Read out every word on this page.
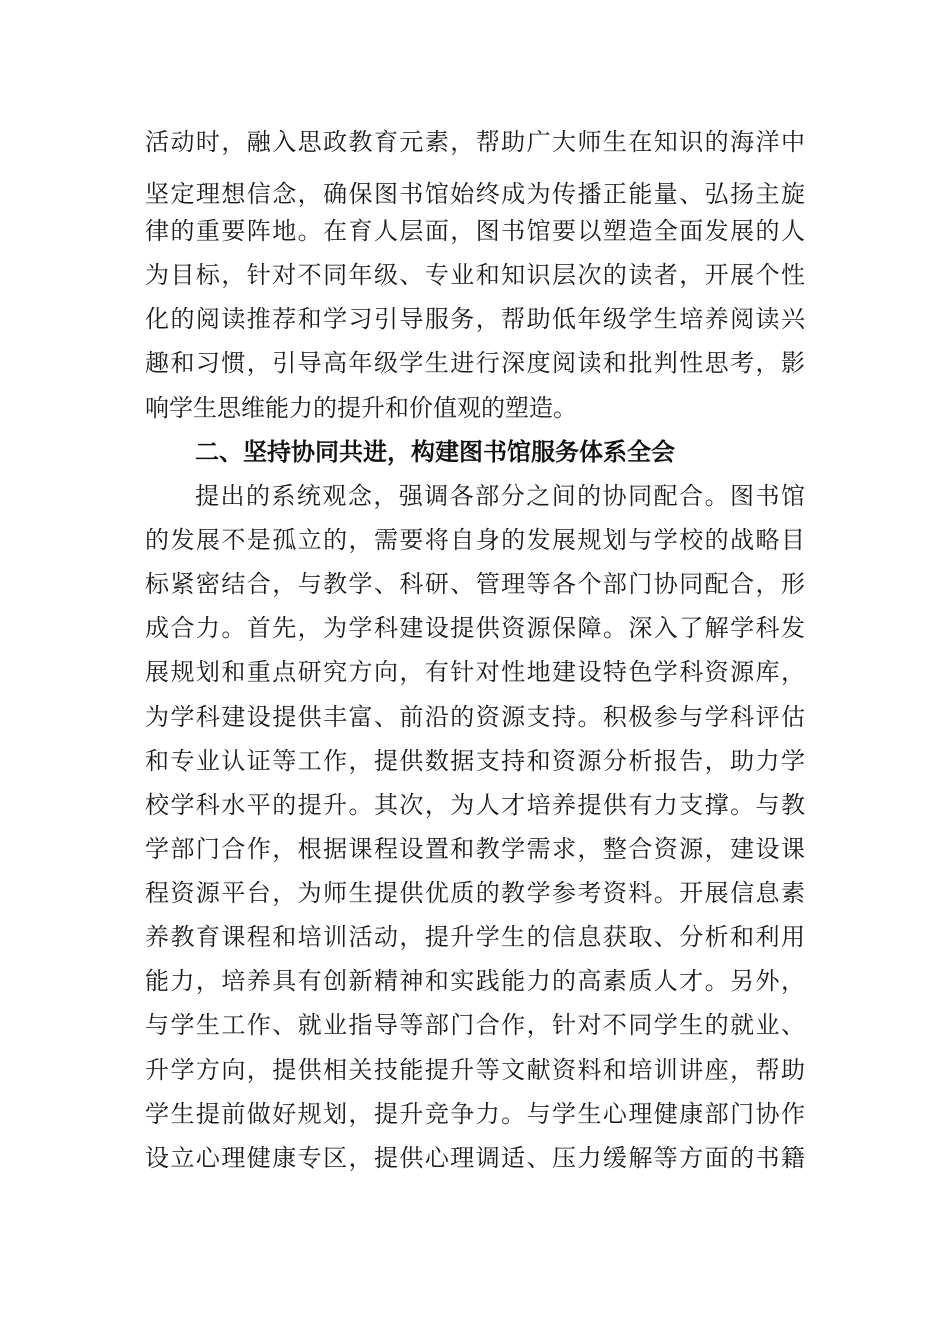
活动时，融入思政教育元素，帮助广大师生在知识的海洋中
坚定理想信念，确保图书馆始终成为传播正能量、弘扬主旋
律的重要阵地。在育人层面，图书馆要以塑造全面发展的人
为目标，针对不同年级、专业和知识层次的读者，开展个性
化的阅读推荐和学习引导服务，帮助低年级学生培养阅读兴
趣和习惯，引导高年级学生进行深度阅读和批判性思考，影
响学生思维能力的提升和价值观的塑造。
二、坚持协同共进，构建图书馆服务体系全会
提出的系统观念，强调各部分之间的协同配合。图书馆
的发展不是孤立的，需要将自身的发展规划与学校的战略目
标紧密结合，与教学、科研、管理等各个部门协同配合，形
成合力。首先，为学科建设提供资源保障。深入了解学科发
展规划和重点研究方向，有针对性地建设特色学科资源库，
为学科建设提供丰富、前沿的资源支持。积极参与学科评估
和专业认证等工作，提供数据支持和资源分析报告，助力学
校学科水平的提升。其次，为人才培养提供有力支撑。与教
学部门合作，根据课程设置和教学需求，整合资源，建设课
程资源平台，为师生提供优质的教学参考资料。开展信息素
养教育课程和培训活动，提升学生的信息获取、分析和利用
能力，培养具有创新精神和实践能力的高素质人才。另外，
与学生工作、就业指导等部门合作，针对不同学生的就业、
升学方向，提供相关技能提升等文献资料和培训讲座，帮助
学生提前做好规划，提升竞争力。与学生心理健康部门协作
设立心理健康专区，提供心理调适、压力缓解等方面的书籍
